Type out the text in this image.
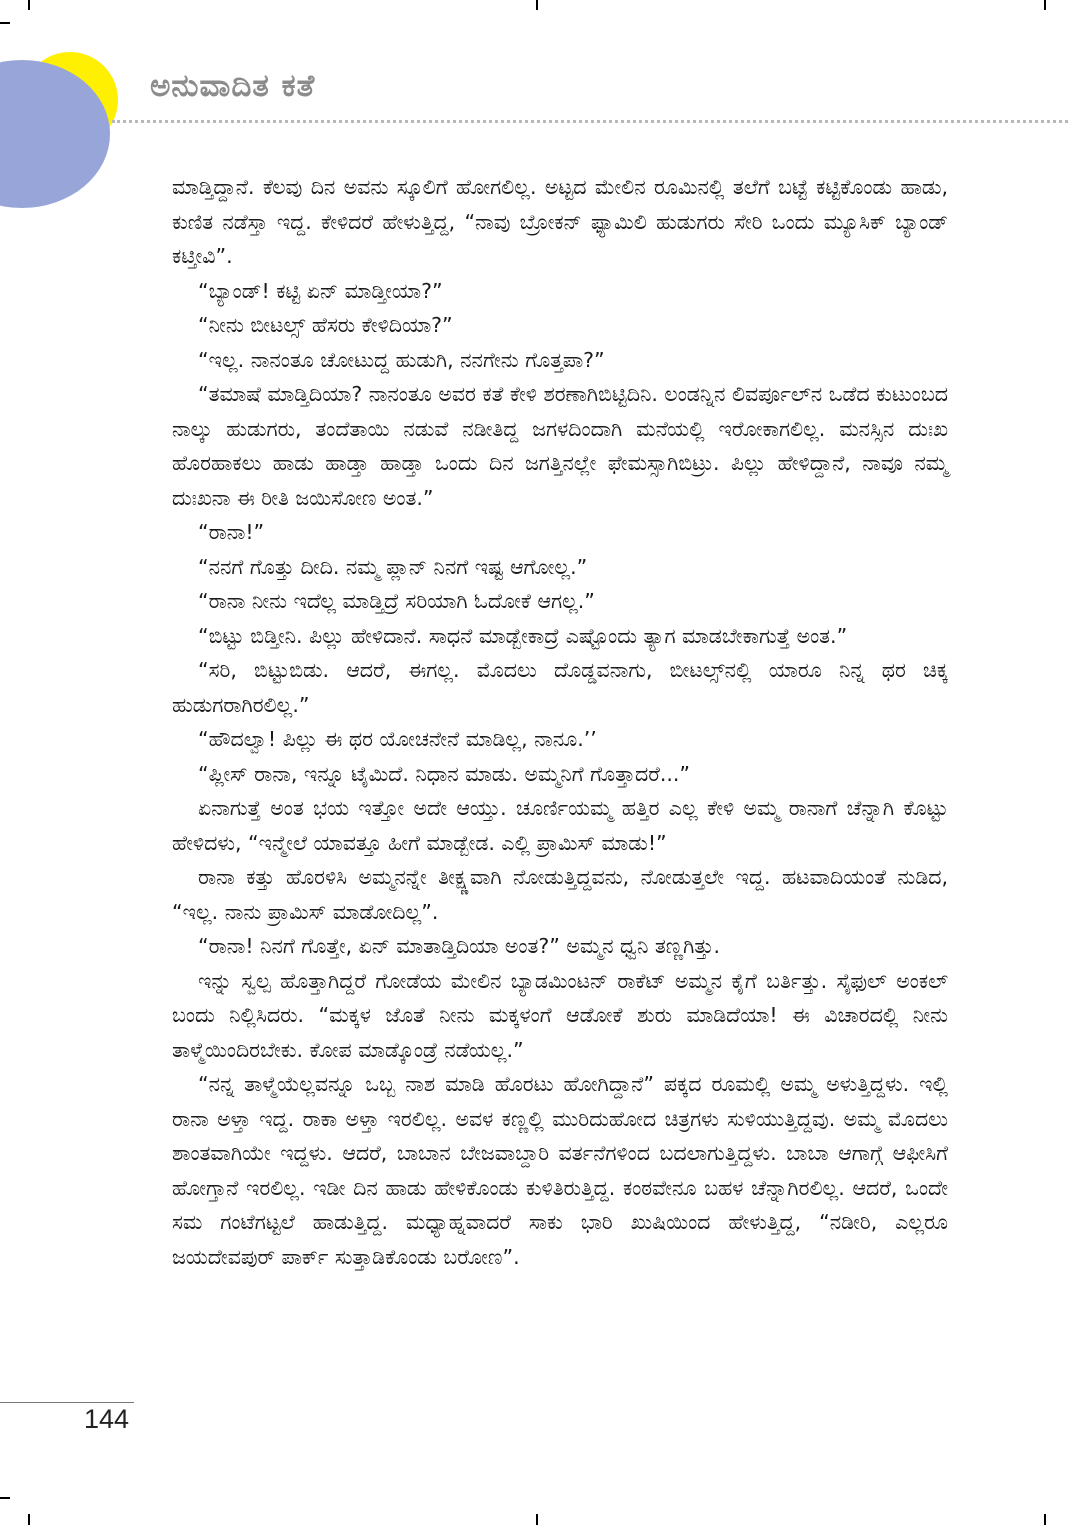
ಅನುವಾದಿತ ಕತೆ

ಮಾಡ್ತಿದ್ದಾನೆ. ಕೆಲವು ದಿನ ಅವನು ಸ್ಕೂಲಿಗೆ ಹೋಗಲಿಲ್ಲ. ಅಟ್ಟದ ಮೇಲಿನ ರೂಮಿನಲ್ಲಿ ತಲೆಗೆ ಬಟ್ಟೆ ಕಟ್ಟಿಕೊಂಡು ಹಾಡು, ಕುಣಿತ ನಡೆಸ್ತಾ ಇದ್ದ. ಕೇಳಿದರೆ ಹೇಳುತ್ತಿದ್ದ, “ನಾವು ಬ್ರೋಕನ್ ಫ್ಯಾಮಿಲಿ ಹುಡುಗರು ಸೇರಿ ಒಂದು ಮ್ಯೂಸಿಕ್ ಬ್ಯಾಂಡ್ ಕಟ್ತೀವಿ”.

“ಬ್ಯಾಂಡ್! ಕಟ್ಟಿ ಏನ್ ಮಾಡ್ತೀಯಾ?”

“ನೀನು ಬೀಟಲ್ಸ್ ಹೆಸರು ಕೇಳಿದಿಯಾ?”

“ಇಲ್ಲ. ನಾನಂತೂ ಚೋಟುದ್ದ ಹುಡುಗಿ, ನನಗೇನು ಗೊತ್ತಪಾ?”

“ತಮಾಷೆ ಮಾಡ್ತಿದಿಯಾ? ನಾನಂತೂ ಅವರ ಕತೆ ಕೇಳಿ ಶರಣಾಗಿಬಿಟ್ಟಿದಿನಿ. ಲಂಡನ್ನಿನ ಲಿವರ್ಪೂಲ್‌ನ ಒಡೆದ ಕುಟುಂಬದ ನಾಲ್ಕು ಹುಡುಗರು, ತಂದೆತಾಯಿ ನಡುವೆ ನಡೀತಿದ್ದ ಜಗಳದಿಂದಾಗಿ ಮನೆಯಲ್ಲಿ ಇರೋಕಾಗಲಿಲ್ಲ. ಮನಸ್ಸಿನ ದುಃಖ ಹೊರಹಾಕಲು ಹಾಡು ಹಾಡ್ತಾ ಹಾಡ್ತಾ ಒಂದು ದಿನ ಜಗತ್ತಿನಲ್ಲೇ ಫೇಮಸ್ಸಾಗಿಬಿಟ್ರು. ಪಿಲ್ಲು ಹೇಳಿದ್ದಾನೆ, ನಾವೂ ನಮ್ಮ ದುಃಖನಾ ಈ ರೀತಿ ಜಯಿಸೋಣ ಅಂತ.”

“ರಾನಾ!”

“ನನಗೆ ಗೊತ್ತು ದೀದಿ. ನಮ್ಮ ಪ್ಲಾನ್ ನಿನಗೆ ಇಷ್ಟ ಆಗೋಲ್ಲ.”

“ರಾನಾ ನೀನು ಇದೆಲ್ಲ ಮಾಡ್ತಿದ್ರೆ ಸರಿಯಾಗಿ ಓದೋಕೆ ಆಗಲ್ಲ.”

“ಬಿಟ್ಟು ಬಿಡ್ತೀನಿ. ಪಿಲ್ಲು ಹೇಳಿದಾನೆ. ಸಾಧನೆ ಮಾಡ್ಬೇಕಾದ್ರೆ ಎಷ್ಟೊಂದು ತ್ಯಾಗ ಮಾಡಬೇಕಾಗುತ್ತೆ ಅಂತ.”

“ಸರಿ, ಬಿಟ್ಟುಬಿಡು. ಆದರೆ, ಈಗಲ್ಲ. ಮೊದಲು ದೊಡ್ಡವನಾಗು, ಬೀಟಲ್ಸ್‌ನಲ್ಲಿ ಯಾರೂ ನಿನ್ನ ಥರ ಚಿಕ್ಕ ಹುಡುಗರಾಗಿರಲಿಲ್ಲ.”

“ಹೌದಲ್ವಾ! ಪಿಲ್ಲು ಈ ಥರ ಯೋಚನೇನೆ ಮಾಡಿಲ್ಲ, ನಾನೂ.’’

“ಪ್ಲೀಸ್ ರಾನಾ, ಇನ್ನೂ ಟೈಮಿದೆ. ನಿಧಾನ ಮಾಡು. ಅಮ್ಮನಿಗೆ ಗೊತ್ತಾದರೆ...”

ಏನಾಗುತ್ತೆ ಅಂತ ಭಯ ಇತ್ತೋ ಅದೇ ಆಯ್ತು. ಚೂರ್ಣಿಯಮ್ಮ ಹತ್ತಿರ ಎಲ್ಲ ಕೇಳಿ ಅಮ್ಮ ರಾನಾಗೆ ಚೆನ್ನಾಗಿ ಕೊಟ್ಟು ಹೇಳಿದಳು, “ಇನ್ಮೇಲೆ ಯಾವತ್ತೂ ಹೀಗೆ ಮಾಡ್ಬೇಡ. ಎಲ್ಲಿ ಪ್ರಾಮಿಸ್ ಮಾಡು!”

ರಾನಾ ಕತ್ತು ಹೊರಳಿಸಿ ಅಮ್ಮನನ್ನೇ ತೀಕ್ಷ್ಣವಾಗಿ ನೋಡುತ್ತಿದ್ದವನು, ನೋಡುತ್ತಲೇ ಇದ್ದ. ಹಟವಾದಿಯಂತೆ ನುಡಿದ, “ಇಲ್ಲ. ನಾನು ಪ್ರಾಮಿಸ್ ಮಾಡೋದಿಲ್ಲ”.

“ರಾನಾ! ನಿನಗೆ ಗೊತ್ತೇ, ಏನ್ ಮಾತಾಡ್ತಿದಿಯಾ ಅಂತ?” ಅಮ್ಮನ ಧ್ವನಿ ತಣ್ಣಗಿತ್ತು.

ಇನ್ನು ಸ್ವಲ್ಪ ಹೊತ್ತಾಗಿದ್ದರೆ ಗೋಡೆಯ ಮೇಲಿನ ಬ್ಯಾಡಮಿಂಟನ್ ರಾಕೆಟ್ ಅಮ್ಮನ ಕೈಗೆ ಬರ್ತಿತ್ತು. ಸೈಫುಲ್ ಅಂಕಲ್ ಬಂದು ನಿಲ್ಲಿಸಿದರು. “ಮಕ್ಕಳ ಜೊತೆ ನೀನು ಮಕ್ಕಳಂಗೆ ಆಡೋಕೆ ಶುರು ಮಾಡಿದೆಯಾ! ಈ ವಿಚಾರದಲ್ಲಿ ನೀನು ತಾಳ್ಮೆಯಿಂದಿರಬೇಕು. ಕೋಪ ಮಾಡ್ಕೊಂಡ್ರೆ ನಡೆಯಲ್ಲ.”

“ನನ್ನ ತಾಳ್ಮೆಯೆಲ್ಲವನ್ನೂ ಒಬ್ಬ ನಾಶ ಮಾಡಿ ಹೊರಟು ಹೋಗಿದ್ದಾನೆ” ಪಕ್ಕದ ರೂಮಲ್ಲಿ ಅಮ್ಮ ಅಳುತ್ತಿದ್ದಳು. ಇಲ್ಲಿ ರಾನಾ ಅಳ್ತಾ ಇದ್ದ. ರಾಕಾ ಅಳ್ತಾ ಇರಲಿಲ್ಲ. ಅವಳ ಕಣ್ಣಲ್ಲಿ ಮುರಿದುಹೋದ ಚಿತ್ರಗಳು ಸುಳಿಯುತ್ತಿದ್ದವು. ಅಮ್ಮ ಮೊದಲು ಶಾಂತವಾಗಿಯೇ ಇದ್ದಳು. ಆದರೆ, ಬಾಬಾನ ಬೇಜವಾಬ್ದಾರಿ ವರ್ತನೆಗಳಿಂದ ಬದಲಾಗುತ್ತಿದ್ದಳು. ಬಾಬಾ ಆಗಾಗ್ಗೆ ಆಫೀಸಿಗೆ ಹೋಗ್ತಾನೆ ಇರಲಿಲ್ಲ. ಇಡೀ ದಿನ ಹಾಡು ಹೇಳಿಕೊಂಡು ಕುಳಿತಿರುತ್ತಿದ್ದ. ಕಂಠವೇನೂ ಬಹಳ ಚೆನ್ನಾಗಿರಲಿಲ್ಲ. ಆದರೆ, ಒಂದೇ ಸಮ ಗಂಟೆಗಟ್ಟಲೆ ಹಾಡುತ್ತಿದ್ದ. ಮಧ್ಯಾಹ್ನವಾದರೆ ಸಾಕು ಭಾರಿ ಖುಷಿಯಿಂದ ಹೇಳುತ್ತಿದ್ದ, “ನಡೀರಿ, ಎಲ್ಲರೂ ಜಯದೇವಪುರ್ ಪಾರ್ಕ್ ಸುತ್ತಾಡಿಕೊಂಡು ಬರೋಣ”.

144
